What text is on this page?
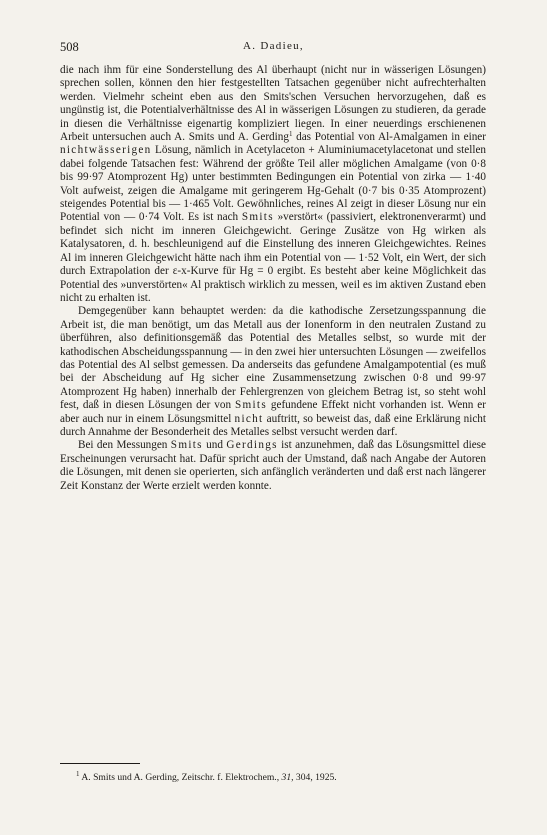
508	A. Dadieu,

die nach ihm für eine Sonderstellung des Al überhaupt (nicht nur in wässerigen Lösungen) sprechen sollen, können den hier festgestellten Tatsachen gegenüber nicht aufrechterhalten werden. Vielmehr scheint eben aus den Smits'schen Versuchen hervorzugehen, daß es ungünstig ist, die Potentialverhältnisse des Al in wässerigen Lösungen zu studieren, da gerade in diesen die Verhältnisse eigenartig kompliziert liegen. In einer neuerdings erschienenen Arbeit untersuchen auch A. Smits und A. Gerding$^1$ das Potential von Al-Amalgamen in einer nichtwässerigen Lösung, nämlich in Acetylaceton + Aluminiumacetylacetonat und stellen dabei folgende Tatsachen fest: Während der größte Teil aller möglichen Amalgame (von 0·8 bis 99·97 Atomprozent Hg) unter bestimmten Bedingungen ein Potential von zirka — 1·40 Volt aufweist, zeigen die Amalgame mit geringerem Hg-Gehalt (0·7 bis 0·35 Atomprozent) steigendes Potential bis — 1·465 Volt. Gewöhnliches, reines Al zeigt in dieser Lösung nur ein Potential von — 0·74 Volt. Es ist nach Smits »verstört« (passiviert, elektronenverarmt) und befindet sich nicht im inneren Gleichgewicht. Geringe Zusätze von Hg wirken als Katalysatoren, d. h. beschleunigend auf die Einstellung des inneren Gleichgewichtes. Reines Al im inneren Gleichgewicht hätte nach ihm ein Potential von — 1·52 Volt, ein Wert, der sich durch Extrapolation der ε-x-Kurve für Hg = 0 ergibt. Es besteht aber keine Möglichkeit das Potential des »unverstörten« Al praktisch wirklich zu messen, weil es im aktiven Zustand eben nicht zu erhalten ist.

Demgegenüber kann behauptet werden: da die kathodische Zersetzungsspannung die Arbeit ist, die man benötigt, um das Metall aus der Ionenform in den neutralen Zustand zu überführen, also definitionsgemäß das Potential des Metalles selbst, so wurde mit der kathodischen Abscheidungsspannung — in den zwei hier untersuchten Lösungen — zweifellos das Potential des Al selbst gemessen. Da anderseits das gefundene Amalgampotential (es muß bei der Abscheidung auf Hg sicher eine Zusammensetzung zwischen 0·8 und 99·97 Atomprozent Hg haben) innerhalb der Fehlergrenzen von gleichem Betrag ist, so steht wohl fest, daß in diesen Lösungen der von Smits gefundene Effekt nicht vorhanden ist. Wenn er aber auch nur in einem Lösungsmittel nicht auftritt, so beweist das, daß eine Erklärung nicht durch Annahme der Besonderheit des Metalles selbst versucht werden darf.

Bei den Messungen Smits und Gerdings ist anzunehmen, daß das Lösungsmittel diese Erscheinungen verursacht hat. Dafür spricht auch der Umstand, daß nach Angabe der Autoren die Lösungen, mit denen sie operierten, sich anfänglich veränderten und daß erst nach längerer Zeit Konstanz der Werte erzielt werden konnte.

$^1$ A. Smits und A. Gerding, Zeitschr. f. Elektrochem., 31, 304, 1925.
